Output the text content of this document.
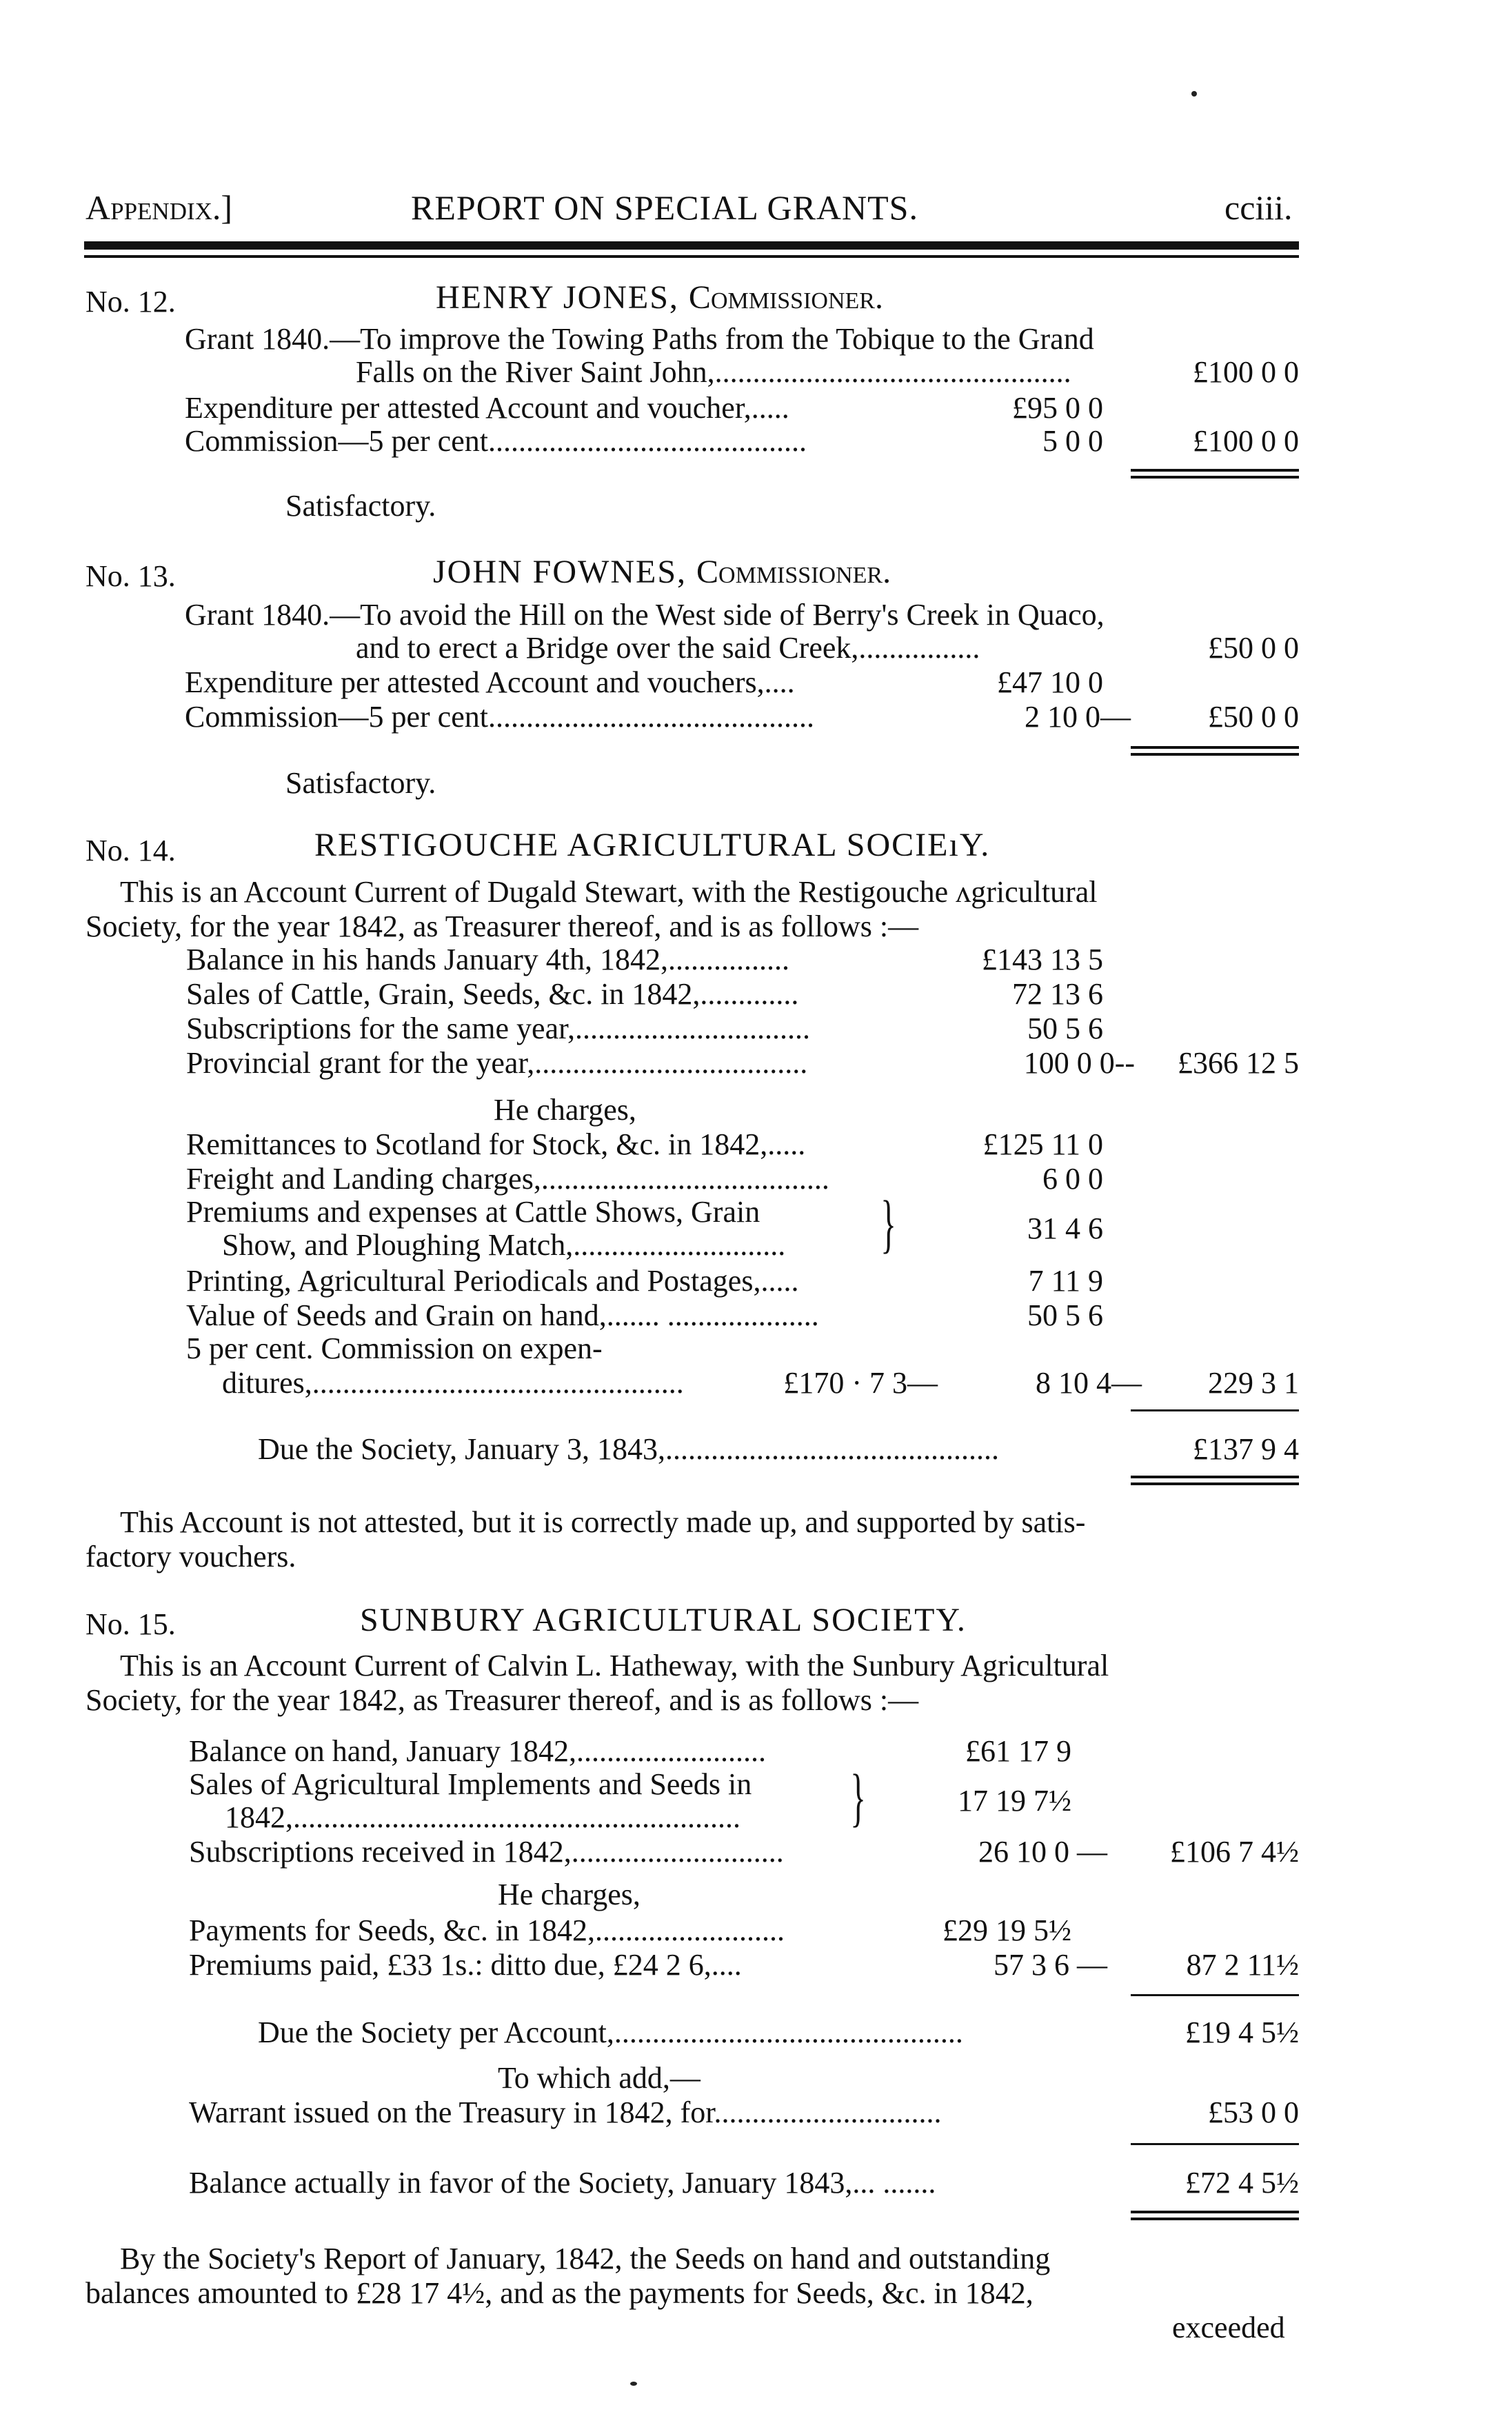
Appendix.]	REPORT ON SPECIAL GRANTS.	cciii.
No. 12.	HENRY JONES, Commissioner.
Grant 1840.—To improve the Towing Paths from the Tobique to the Grand
Falls on the River Saint John,...............................................	£100 0 0
Expenditure per attested Account and voucher,.....	£95 0 0
Commission—5 per cent..........................................	5 0 0	£100 0 0
Satisfactory.
No. 13.	JOHN FOWNES, Commissioner.
Grant 1840.—To avoid the Hill on the West side of Berry's Creek in Quaco,
and to erect a Bridge over the said Creek,................	£50 0 0
Expenditure per attested Account and vouchers,....	£47 10 0
Commission—5 per cent...........................................	2 10 0—	£50 0 0
Satisfactory.
No. 14.	RESTIGOUCHE AGRICULTURAL SOCIEıY.
This is an Account Current of Dugald Stewart, with the Restigouche ʌgricultural
Society, for the year 1842, as Treasurer thereof, and is as follows :—
Balance in his hands January 4th, 1842,................	£143 13 5
Sales of Cattle, Grain, Seeds, &c. in 1842,.............	72 13 6
Subscriptions for the same year,...............................	50 5 6
Provincial grant for the year,....................................	100 0 0--	£366 12 5
He charges,
Remittances to Scotland for Stock, &c. in 1842,.....	£125 11 0
Freight and Landing charges,......................................	6 0 0
Premiums and expenses at Cattle Shows, Grain
Show, and Ploughing Match,............................ }	31 4 6
Printing, Agricultural Periodicals and Postages,.....	7 11 9
Value of Seeds and Grain on hand,....... ....................	50 5 6
5 per cent. Commission on expen-
ditures,.................................................	£170 · 7 3—	8 10 4—	229 3 1
Due the Society, January 3, 1843,............................................	£137 9 4
This Account is not attested, but it is correctly made up, and supported by satis-
factory vouchers.
No. 15.	SUNBURY AGRICULTURAL SOCIETY.
This is an Account Current of Calvin L. Hatheway, with the Sunbury Agricultural
Society, for the year 1842, as Treasurer thereof, and is as follows :—
Balance on hand, January 1842,.........................	£61 17 9
Sales of Agricultural Implements and Seeds in
1842,........................................................... }	17 19 7½
Subscriptions received in 1842,............................	26 10 0 —	£106 7 4½
He charges,
Payments for Seeds, &c. in 1842,.........................	£29 19 5½
Premiums paid, £33 1s.: ditto due, £24 2 6,....	57 3 6 —	87 2 11½
Due the Society per Account,..............................................	£19 4 5½
To which add,—
Warrant issued on the Treasury in 1842, for..............................	£53 0 0
Balance actually in favor of the Society, January 1843,... .......	£72 4 5½
By the Society's Report of January, 1842, the Seeds on hand and outstanding
balances amounted to £28 17 4½, and as the payments for Seeds, &c. in 1842,
exceeded
